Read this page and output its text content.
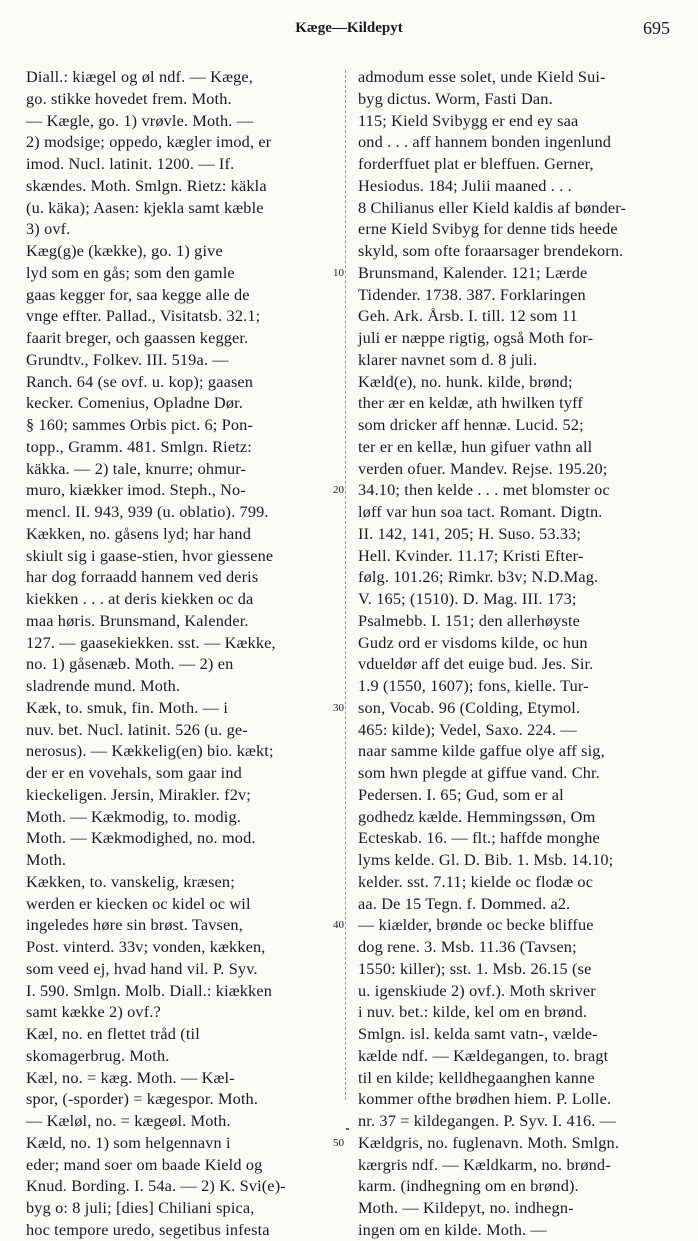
Kæge—Kildepyt	695
Diall.: kiægel og øl ndf. — Kæge,
go. stikke hovedet frem. Moth.
— Kægle, go. 1) vrøvle. Moth. —
2) modsige; oppedo, kægler imod, er
imod. Nucl. latinit. 1200. — If.
skændes. Moth. Smlgn. Rietz: käkla
(u. käka); Aasen: kjekla samt kæble
3) ovf.
Kæg(g)e (kække), go. 1) give
lyd som en gås; som den gamle
gaas kegger for, saa kegge alle de
vnge effter. Pallad., Visitatsb. 32.1;
faarit breger, och gaassen kegger.
Grundtv., Folkev. III. 519a. —
Ranch. 64 (se ovf. u. kop); gaasen
kecker. Comenius, Opladne Dør.
§ 160; sammes Orbis pict. 6; Pon-
topp., Gramm. 481. Smlgn. Rietz:
käkka. — 2) tale, knurre; ohmur-
muro, kiækker imod. Steph., No-
mencl. II. 943, 939 (u. oblatio). 799.
Kækken, no. gåsens lyd; har hand
skiult sig i gaase-stien, hvor giessene
har dog forraadd hannem ved deris
kiekken . . . at deris kiekken oc da
maa høris. Brunsmand, Kalender.
127. — gaasekiekken. sst. — Kække,
no. 1) gåsenæb. Moth. — 2) en
sladrende mund. Moth.
Kæk, to. smuk, fin. Moth. — i
nuv. bet. Nucl. latinit. 526 (u. ge-
nerosus). — Kækkelig(en) bio. kækt;
der er en vovehals, som gaar ind
kieckeligen. Jersin, Mirakler. f2v;
Moth. — Kækmodig, to. modig.
Moth. — Kækmodighed, no. mod.
Moth.
Kækken, to. vanskelig, kræsen;
werden er kiecken oc kidel oc wil
ingeledes høre sin brøst. Tavsen,
Post. vinterd. 33v; vonden, kækken,
som veed ej, hvad hand vil. P. Syv.
I. 590. Smlgn. Molb. Diall.: kiækken
samt kække 2) ovf.?
Kæl, no. en flettet tråd (til
skomagerbrug. Moth.
Kæl, no. = kæg. Moth. — Kæl-
spor, (-sporder) = kægespor. Moth.
— Kæløl, no. = kægeøl. Moth.
Kæld, no. 1) som helgennavn i
eder; mand soer om baade Kield og
Knud. Bording. I. 54a. — 2) K. Svi(e)-
byg o: 8 juli; [dies] Chiliani spica,
hoc tempore uredo, segetibus infesta
10
20
30
40
50
admodum esse solet, unde Kield Sui-
byg dictus. Worm, Fasti Dan.
115; Kield Svibygg er end ey saa
ond . . . aff hannem bonden ingenlund
forderffuet plat er bleffuen. Gerner,
Hesiodus. 184; Julii maaned . . .
8 Chilianus eller Kield kaldis af bønder-
erne Kield Svibyg for denne tids heede
skyld, som ofte foraarsager brendekorn.
Brunsmand, Kalender. 121; Lærde
Tidender. 1738. 387. Forklaringen
Geh. Ark. Årsb. I. till. 12 som 11
juli er næppe rigtig, også Moth for-
klarer navnet som d. 8 juli.
Kæld(e), no. hunk. kilde, brønd;
ther ær en keldæ, ath hwilken tyff
som dricker aff hennæ. Lucid. 52;
ter er en kellæ, hun gifuer vathn all
verden ofuer. Mandev. Rejse. 195.20;
34.10; then kelde . . . met blomster oc
løff var hun soa tact. Romant. Digtn.
II. 142, 141, 205; H. Suso. 53.33;
Hell. Kvinder. 11.17; Kristi Efter-
følg. 101.26; Rimkr. b3v; N.D.Mag.
V. 165; (1510). D. Mag. III. 173;
Psalmebb. I. 151; den allerhøyste
Gudz ord er visdoms kilde, oc hun
vdueldør aff det euige bud. Jes. Sir.
1.9 (1550, 1607); fons, kielle. Tur-
son, Vocab. 96 (Colding, Etymol.
465: kilde); Vedel, Saxo. 224. —
naar samme kilde gaffue olye aff sig,
som hwn plegde at giffue vand. Chr.
Pedersen. I. 65; Gud, som er al
godhedz kælde. Hemmingssøn, Om
Ecteskab. 16. — flt.; haffde monghe
lyms kelde. Gl. D. Bib. 1. Msb. 14.10;
kelder. sst. 7.11; kielde oc flodæ oc
aa. De 15 Tegn. f. Dommed. a2.
— kiælder, brønde oc becke bliffue
dog rene. 3. Msb. 11.36 (Tavsen;
1550: killer); sst. 1. Msb. 26.15 (se
u. igenskiude 2) ovf.). Moth skriver
i nuv. bet.: kilde, kel om en brønd.
Smlgn. isl. kelda samt vatn-, vælde-
kælde ndf. — Kældegangen, to. bragt
til en kilde; kelldhegaanghen kanne
kommer ofthe brødhen hiem. P. Lolle.
nr. 37 = kildegangen. P. Syv. I. 416. —
Kældgris, no. fuglenavn. Moth. Smlgn.
kærgris ndf. — Kældkarm, no. brønd-
karm. (indhegning om en brønd).
Moth. — Kildepyt, no. indhegn-
ingen om en kilde. Moth. —
